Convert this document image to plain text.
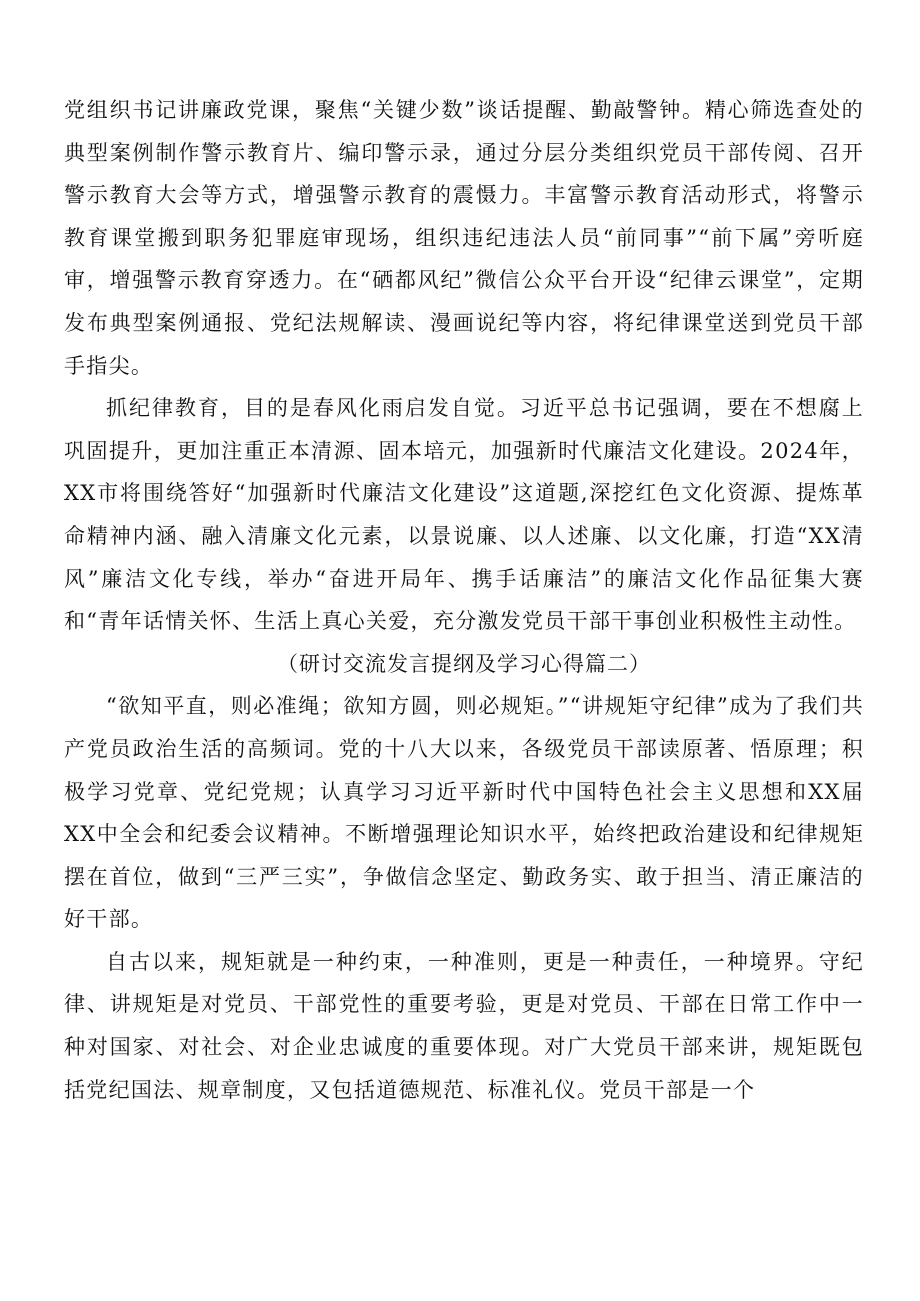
党组织书记讲廉政党课，聚焦“关键少数”谈话提醒、勤敲警钟。精心筛选查处的典型案例制作警示教育片、编印警示录，通过分层分类组织党员干部传阅、召开警示教育大会等方式，增强警示教育的震慑力。丰富警示教育活动形式，将警示教育课堂搬到职务犯罪庭审现场，组织违纪违法人员“前同事”“前下属”旁听庭审，增强警示教育穿透力。在“硒都风纪”微信公众平台开设“纪律云课堂”，定期发布典型案例通报、党纪法规解读、漫画说纪等内容，将纪律课堂送到党员干部手指尖。

抓纪律教育，目的是春风化雨启发自觉。习近平总书记强调，要在不想腐上巩固提升，更加注重正本清源、固本培元，加强新时代廉洁文化建设。2024年，XX市将围绕答好“加强新时代廉洁文化建设”这道题,深挖红色文化资源、提炼革命精神内涵、融入清廉文化元素，以景说廉、以人述廉、以文化廉，打造“XX清风”廉洁文化专线，举办“奋进开局年、携手话廉洁”的廉洁文化作品征集大赛和“青年话情关怀、生活上真心关爱，充分激发党员干部干事创业积极性主动性。

（研讨交流发言提纲及学习心得篇二）

“欲知平直，则必准绳；欲知方圆，则必规矩。”“讲规矩守纪律”成为了我们共产党员政治生活的高频词。党的十八大以来，各级党员干部读原著、悟原理；积极学习党章、党纪党规；认真学习习近平新时代中国特色社会主义思想和XX届XX中全会和纪委会议精神。不断增强理论知识水平，始终把政治建设和纪律规矩摆在首位，做到“三严三实”，争做信念坚定、勤政务实、敢于担当、清正廉洁的好干部。

自古以来，规矩就是一种约束，一种准则，更是一种责任，一种境界。守纪律、讲规矩是对党员、干部党性的重要考验，更是对党员、干部在日常工作中一种对国家、对社会、对企业忠诚度的重要体现。对广大党员干部来讲，规矩既包括党纪国法、规章制度，又包括道德规范、标准礼仪。党员干部是一个
